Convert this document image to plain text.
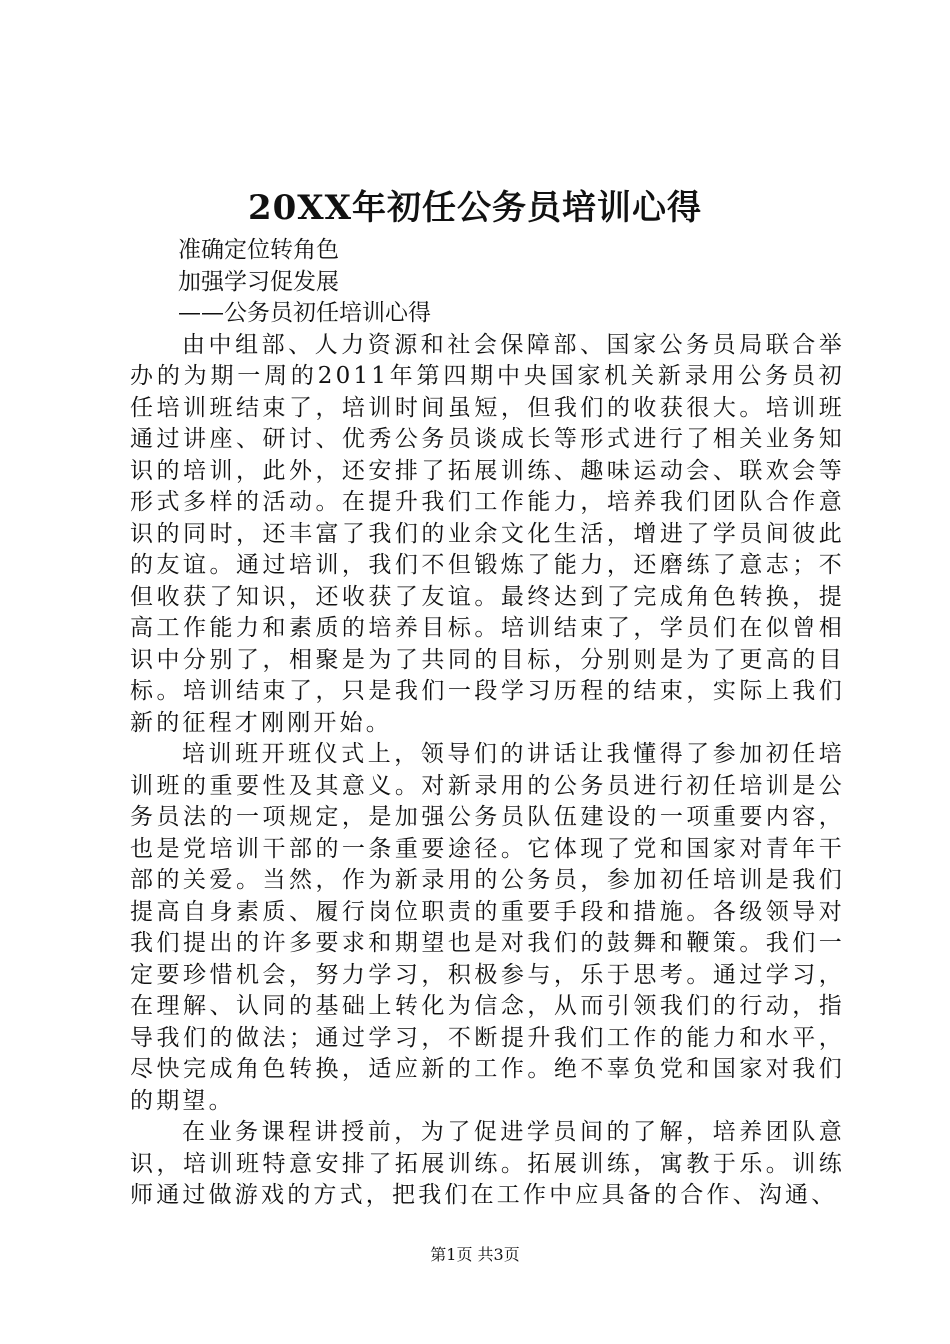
20XX年初任公务员培训心得

准确定位转角色

加强学习促发展

——公务员初任培训心得

由中组部、人力资源和社会保障部、国家公务员局联合举办的为期一周的2011年第四期中央国家机关新录用公务员初任培训班结束了，培训时间虽短，但我们的收获很大。培训班通过讲座、研讨、优秀公务员谈成长等形式进行了相关业务知识的培训，此外，还安排了拓展训练、趣味运动会、联欢会等形式多样的活动。在提升我们工作能力，培养我们团队合作意识的同时，还丰富了我们的业余文化生活，增进了学员间彼此的友谊。通过培训，我们不但锻炼了能力，还磨练了意志；不但收获了知识，还收获了友谊。最终达到了完成角色转换，提高工作能力和素质的培养目标。培训结束了，学员们在似曾相识中分别了，相聚是为了共同的目标，分别则是为了更高的目标。培训结束了，只是我们一段学习历程的结束，实际上我们新的征程才刚刚开始。

培训班开班仪式上，领导们的讲话让我懂得了参加初任培训班的重要性及其意义。对新录用的公务员进行初任培训是公务员法的一项规定，是加强公务员队伍建设的一项重要内容，也是党培训干部的一条重要途径。它体现了党和国家对青年干部的关爱。当然，作为新录用的公务员，参加初任培训是我们提高自身素质、履行岗位职责的重要手段和措施。各级领导对我们提出的许多要求和期望也是对我们的鼓舞和鞭策。我们一定要珍惜机会，努力学习，积极参与，乐于思考。通过学习，在理解、认同的基础上转化为信念，从而引领我们的行动，指导我们的做法；通过学习，不断提升我们工作的能力和水平，尽快完成角色转换，适应新的工作。绝不辜负党和国家对我们的期望。

在业务课程讲授前，为了促进学员间的了解，培养团队意识，培训班特意安排了拓展训练。拓展训练，寓教于乐。训练师通过做游戏的方式，把我们在工作中应具备的合作、沟通、

第1页 共3页
